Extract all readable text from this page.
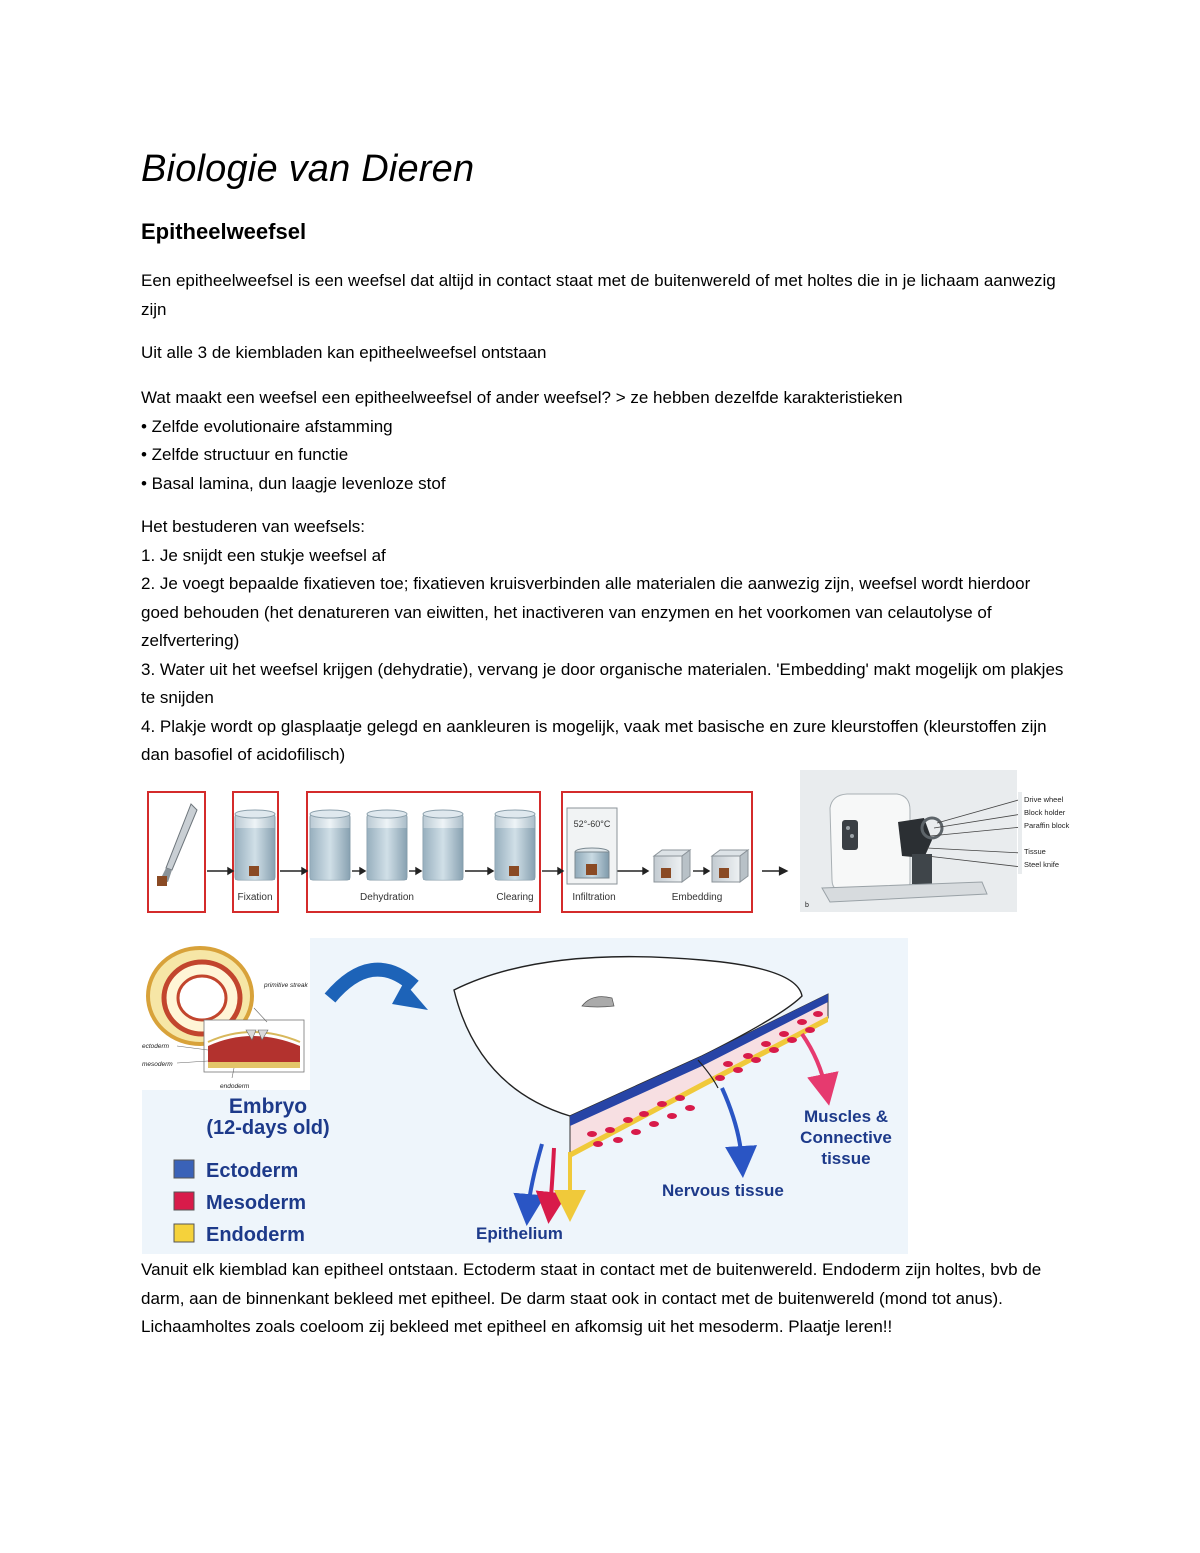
Biologie van Dieren
Epitheelweefsel

Een epitheelweefsel is een weefsel dat altijd in contact staat met de buitenwereld of met holtes die in je lichaam aanwezig zijn

Uit alle 3 de kiembladen kan epitheelweefsel ontstaan

Wat maakt een weefsel een epitheelweefsel of ander weefsel? > ze hebben dezelfde karakteristieken

• Zelfde evolutionaire afstamming

• Zelfde structuur en functie

• Basal lamina, dun laagje levenloze stof

Het bestuderen van weefsels:

1. Je snijdt een stukje weefsel af

2. Je voegt bepaalde fixatieven toe; fixatieven kruisverbinden alle materialen die aanwezig zijn, weefsel wordt hierdoor goed behouden (het denatureren van eiwitten, het inactiveren van enzymen en het voorkomen van celautolyse of zelfvertering)

3. Water uit het weefsel krijgen (dehydratie), vervang je door organische materialen. 'Embedding' makt mogelijk om plakjes te snijden

4. Plakje wordt op glasplaatje gelegd en aankleuren is mogelijk, vaak met basische en zure kleurstoffen (kleurstoffen zijn dan basofiel of acidofilisch)

52°-60°C
Fixation	Dehydration	Clearing	Infiltration	Embedding
b
Drive wheel
Block holder
Paraffin block
Tissue
Steel knife
primitive streak
ectoderm
mesoderm
endoderm
Embryo
(12-days old)
Ectoderm
Mesoderm
Endoderm	Epithelium
Nervous tissue
Muscles &
Connective
tissue

Vanuit elk kiemblad kan epitheel ontstaan. Ectoderm staat in contact met de buitenwereld. Endoderm zijn holtes, bvb de darm, aan de binnenkant bekleed met epitheel. De darm staat ook in contact met de buitenwereld (mond tot anus). Lichaamholtes zoals coeloom zij bekleed met epitheel en afkomsig uit het mesoderm. Plaatje leren!!
